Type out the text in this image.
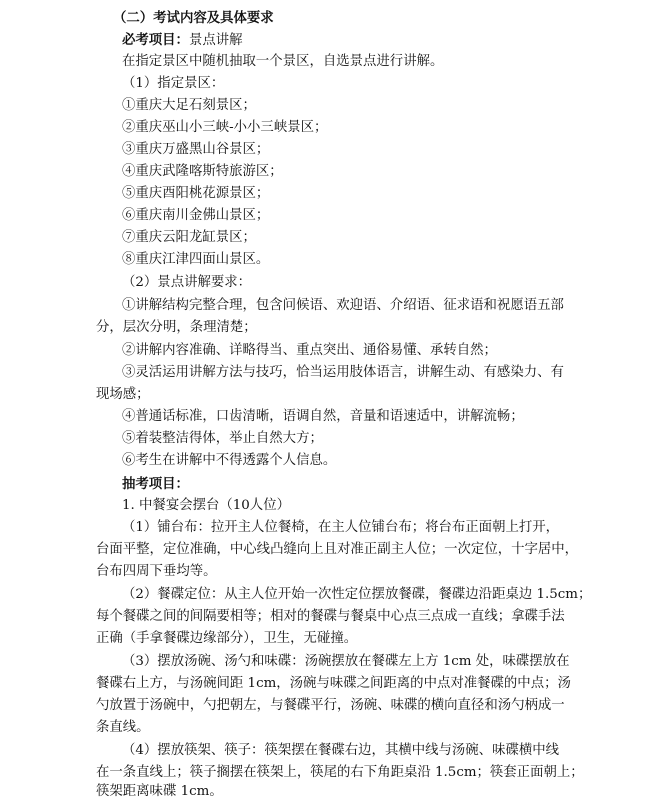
（二）考试内容及具体要求
必考项目：景点讲解
在指定景区中随机抽取一个景区，自选景点进行讲解。
（1）指定景区：
①重庆大足石刻景区；
②重庆巫山小三峡-小小三峡景区；
③重庆万盛黑山谷景区；
④重庆武隆喀斯特旅游区；
⑤重庆酉阳桃花源景区；
⑥重庆南川金佛山景区；
⑦重庆云阳龙缸景区；
⑧重庆江津四面山景区。
（2）景点讲解要求：
①讲解结构完整合理，包含问候语、欢迎语、介绍语、征求语和祝愿语五部
分，层次分明，条理清楚；
②讲解内容准确、详略得当、重点突出、通俗易懂、承转自然；
③灵活运用讲解方法与技巧，恰当运用肢体语言，讲解生动、有感染力、有
现场感；
④普通话标准，口齿清晰，语调自然，音量和语速适中，讲解流畅；
⑤着装整洁得体，举止自然大方；
⑥考生在讲解中不得透露个人信息。
抽考项目：
1. 中餐宴会摆台（10人位）
（1）铺台布：拉开主人位餐椅，在主人位铺台布；将台布正面朝上打开，
台面平整，定位准确，中心线凸缝向上且对准正副主人位；一次定位，十字居中，
台布四周下垂均等。
（2）餐碟定位：从主人位开始一次性定位摆放餐碟，餐碟边沿距桌边 1.5cm；
每个餐碟之间的间隔要相等；相对的餐碟与餐桌中心点三点成一直线；拿碟手法
正确（手拿餐碟边缘部分），卫生，无碰撞。
（3）摆放汤碗、汤勺和味碟：汤碗摆放在餐碟左上方 1cm 处，味碟摆放在
餐碟右上方，与汤碗间距 1cm，汤碗与味碟之间距离的中点对准餐碟的中点；汤
勺放置于汤碗中，勺把朝左，与餐碟平行，汤碗、味碟的横向直径和汤勺柄成一
条直线。
（4）摆放筷架、筷子：筷架摆在餐碟右边，其横中线与汤碗、味碟横中线
在一条直线上；筷子搁摆在筷架上，筷尾的右下角距桌沿 1.5cm；筷套正面朝上；
筷架距离味碟 1cm。
